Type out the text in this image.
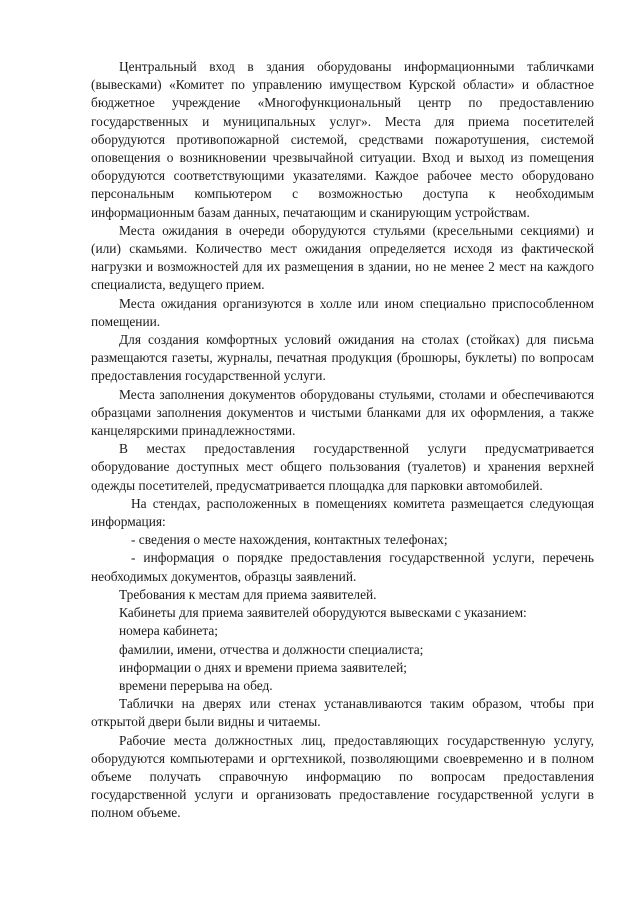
Центральный вход в здания оборудованы информационными табличками (вывесками) «Комитет по управлению имуществом Курской области» и областное бюджетное учреждение «Многофункциональный центр по предоставлению государственных и муниципальных услуг». Места для приема посетителей оборудуются противопожарной системой, средствами пожаротушения, системой оповещения о возникновении чрезвычайной ситуации. Вход и выход из помещения оборудуются соответствующими указателями. Каждое рабочее место оборудовано персональным компьютером с возможностью доступа к необходимым информационным базам данных, печатающим и сканирующим устройствам.

Места ожидания в очереди оборудуются стульями (кресельными секциями) и (или) скамьями. Количество мест ожидания определяется исходя из фактической нагрузки и возможностей для их размещения в здании, но не менее 2 мест на каждого специалиста, ведущего прием.

Места ожидания организуются в холле или ином специально приспособленном помещении.

Для создания комфортных условий ожидания на столах (стойках) для письма размещаются газеты, журналы, печатная продукция (брошюры, буклеты) по вопросам предоставления государственной услуги.

Места заполнения документов оборудованы стульями, столами и обеспечиваются образцами заполнения документов и чистыми бланками для их оформления, а также канцелярскими принадлежностями.

В местах предоставления государственной услуги предусматривается оборудование доступных мест общего пользования (туалетов) и хранения верхней одежды посетителей, предусматривается площадка для парковки автомобилей.

На стендах, расположенных в помещениях комитета размещается следующая информация:

- сведения о месте нахождения, контактных телефонах;

- информация о порядке предоставления государственной услуги, перечень необходимых документов, образцы заявлений.

Требования к местам для приема заявителей.

Кабинеты для приема заявителей оборудуются вывесками с указанием:

номера кабинета;

фамилии, имени, отчества и должности специалиста;

информации о днях и времени приема заявителей;

времени перерыва на обед.

Таблички на дверях или стенах устанавливаются таким образом, чтобы при открытой двери были видны и читаемы.

Рабочие места должностных лиц, предоставляющих государственную услугу, оборудуются компьютерами и оргтехникой, позволяющими своевременно и в полном объеме получать справочную информацию по вопросам предоставления государственной услуги и организовать предоставление государственной услуги в полном объеме.
